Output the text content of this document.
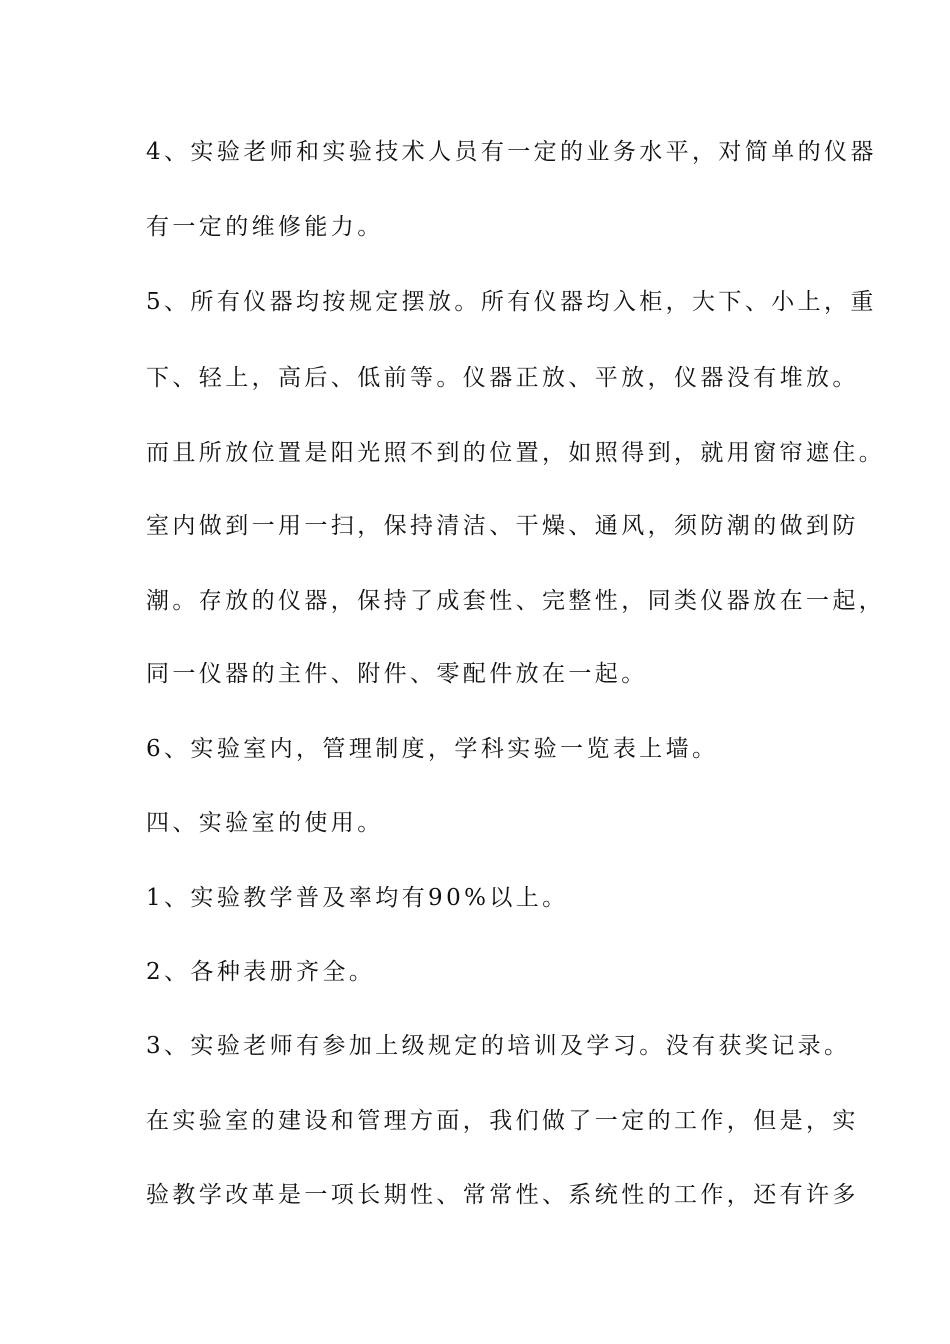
4、实验老师和实验技术人员有一定的业务水平，对简单的仪器
有一定的维修能力。
5、所有仪器均按规定摆放。所有仪器均入柜，大下、小上，重
下、轻上，高后、低前等。仪器正放、平放，仪器没有堆放。
而且所放位置是阳光照不到的位置，如照得到，就用窗帘遮住。
室内做到一用一扫，保持清洁、干燥、通风，须防潮的做到防
潮。存放的仪器，保持了成套性、完整性，同类仪器放在一起，
同一仪器的主件、附件、零配件放在一起。
6、实验室内，管理制度，学科实验一览表上墙。
四、实验室的使用。
1、实验教学普及率均有90%以上。
2、各种表册齐全。
3、实验老师有参加上级规定的培训及学习。没有获奖记录。
在实验室的建设和管理方面，我们做了一定的工作，但是，实
验教学改革是一项长期性、常常性、系统性的工作，还有许多
